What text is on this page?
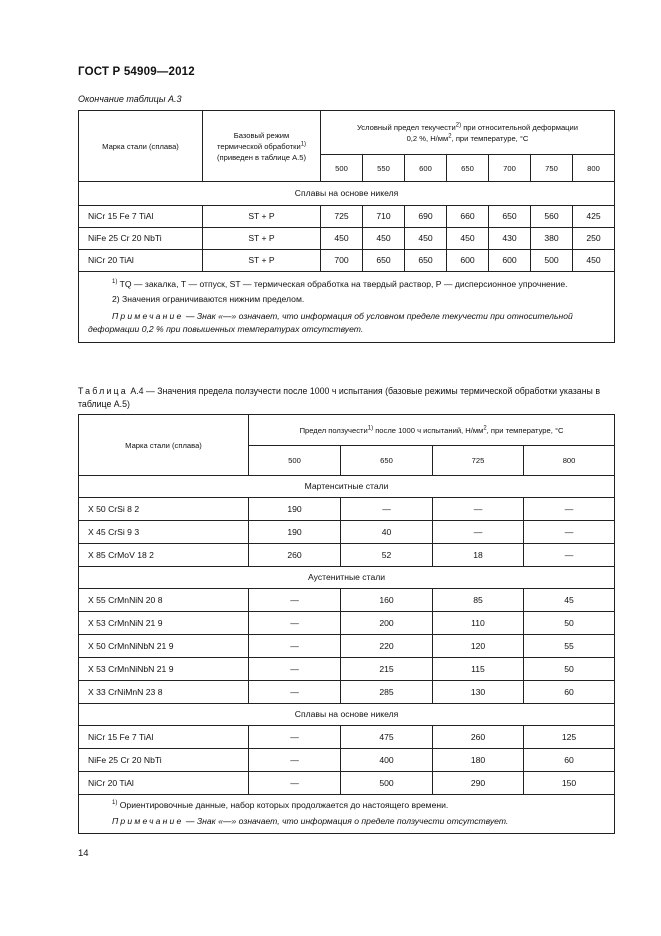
ГОСТ Р 54909—2012
Окончание таблицы А.3
Марка стали (сплава)	Базовый режим
термической обработки$^{1)}$
(приведен в таблице А.5)	Условный предел текучести$^{2)}$ при относительной деформации
0,2 %, $Н/мм^2$, при температуре, °С						
		500	550	600	650	700	750	800
Сплавы на основе никеля								
NiCr 15 Fe 7 TiAl	ST + P	725	710	690	660	650	560	425
NiFe 25 Cr 20 NbTi	ST + P	450	450	450	450	430	380	250
NiCr 20 TiAl	ST + P	700	650	650	600	600	500	450

$^{1)}$ TQ — закалка, Т — отпуск, ST — термическая обработка на твердый раствор, Р — дисперсионное упрочнение.
2) Значения ограничиваются нижним пределом.
Примечание — Знак «—» означает, что информация об условном пределе текучести при относительной деформации 0,2 % при повышенных температурах отсутствует.								
Таблица А.4 — Значения предела ползучести после 1000 ч испытания (базовые режимы термической обработки указаны в таблице А.5)
Марка стали (сплава)	Предел ползучести$^{1)}$ после 1000 ч испытаний, $Н/мм^2$, при температуре, °С			
	500	650	725	800
Мартенситные стали				
X 50 CrSi 8 2	190	—	—	—
X 45 CrSi 9 3	190	40	—	—
X 85 CrMoV 18 2	260	52	18	—
Аустенитные стали				
X 55 CrMnNiN 20 8	—	160	85	45
X 53 CrMnNiN 21 9	—	200	110	50
X 50 CrMnNiNbN 21 9	—	220	120	55
X 53 CrMnNiNbN 21 9	—	215	115	50
X 33 CrNiMnN 23 8	—	285	130	60
Сплавы на основе никеля				
NiCr 15 Fe 7 TiAl	—	475	260	125
NiFe 25 Cr 20 NbTi	—	400	180	60
NiCr 20 TiAl	—	500	290	150

$^{1)}$ Ориентировочные данные, набор которых продолжается до настоящего времени.
Примечание — Знак «—» означает, что информация о пределе ползучести отсутствует.				
14
